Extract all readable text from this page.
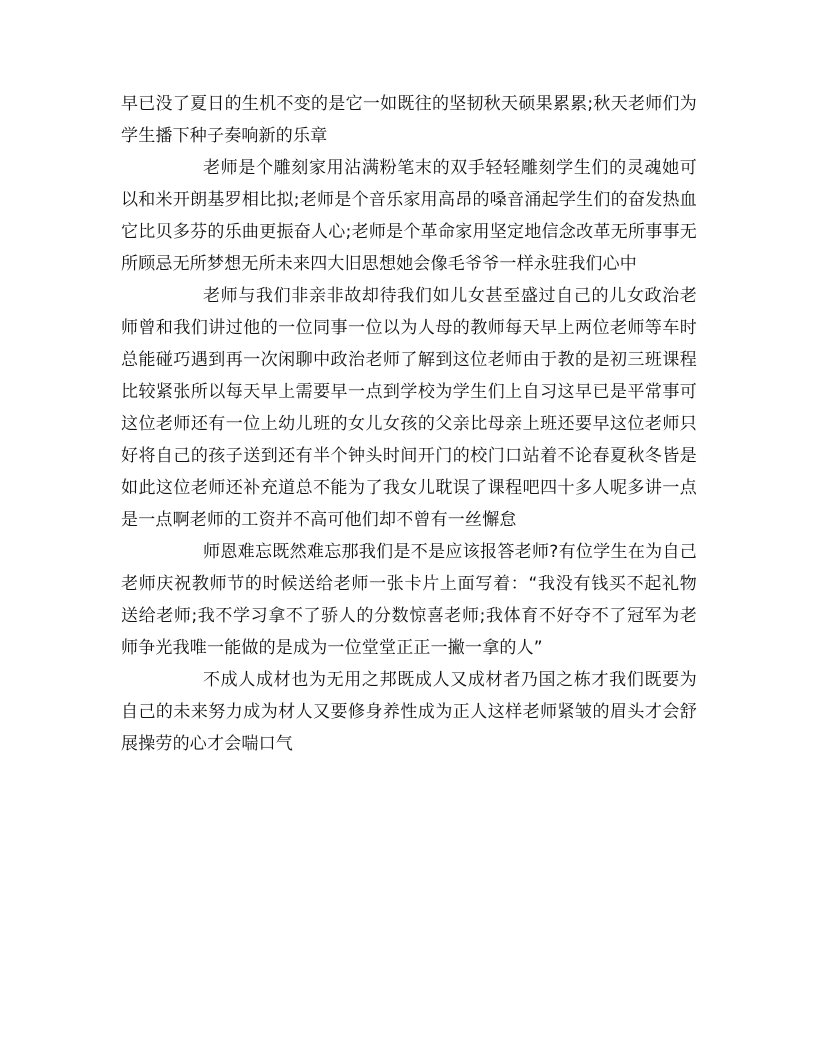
早已没了夏日的生机不变的是它一如既往的坚韧秋天硕果累累;秋天老师们为学生播下种子奏响新的乐章

老师是个雕刻家用沾满粉笔末的双手轻轻雕刻学生们的灵魂她可以和米开朗基罗相比拟;老师是个音乐家用高昂的嗓音涌起学生们的奋发热血它比贝多芬的乐曲更振奋人心;老师是个革命家用坚定地信念改革无所事事无所顾忌无所梦想无所未来四大旧思想她会像毛爷爷一样永驻我们心中

老师与我们非亲非故却待我们如儿女甚至盛过自己的儿女政治老师曾和我们讲过他的一位同事一位以为人母的教师每天早上两位老师等车时总能碰巧遇到再一次闲聊中政治老师了解到这位老师由于教的是初三班课程比较紧张所以每天早上需要早一点到学校为学生们上自习这早已是平常事可这位老师还有一位上幼儿班的女儿女孩的父亲比母亲上班还要早这位老师只好将自己的孩子送到还有半个钟头时间开门的校门口站着不论春夏秋冬皆是如此这位老师还补充道总不能为了我女儿耽误了课程吧四十多人呢多讲一点是一点啊老师的工资并不高可他们却不曾有一丝懈怠

师恩难忘既然难忘那我们是不是应该报答老师?有位学生在为自己老师庆祝教师节的时候送给老师一张卡片上面写着：“我没有钱买不起礼物送给老师;我不学习拿不了骄人的分数惊喜老师;我体育不好夺不了冠军为老师争光我唯一能做的是成为一位堂堂正正一撇一拿的人”

不成人成材也为无用之邦既成人又成材者乃国之栋才我们既要为自己的未来努力成为材人又要修身养性成为正人这样老师紧皱的眉头才会舒展操劳的心才会喘口气
